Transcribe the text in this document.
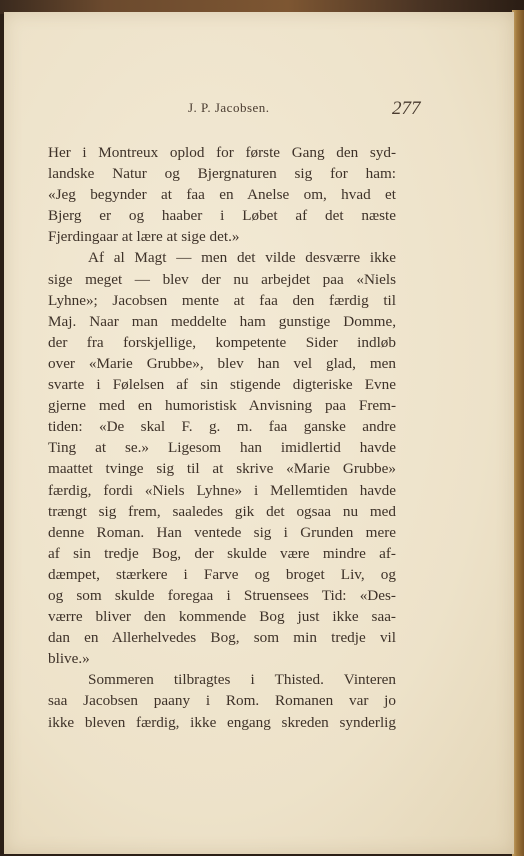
J. P. Jacobsen.	277
Her i Montreux oplod for første Gang den syd-
landske Natur og Bjergnaturen sig for ham:
«Jeg begynder at faa en Anelse om, hvad et
Bjerg er og haaber i Løbet af det næste
Fjerdingaar at lære at sige det.»
Af al Magt — men det vilde desværre ikke
sige meget — blev der nu arbejdet paa «Niels
Lyhne»; Jacobsen mente at faa den færdig til
Maj. Naar man meddelte ham gunstige Domme,
der fra forskjellige, kompetente Sider indløb
over «Marie Grubbe», blev han vel glad, men
svarte i Følelsen af sin stigende digteriske Evne
gjerne med en humoristisk Anvisning paa Frem-
tiden: «De skal F. g. m. faa ganske andre
Ting at se.» Ligesom han imidlertid havde
maattet tvinge sig til at skrive «Marie Grubbe»
færdig, fordi «Niels Lyhne» i Mellemtiden havde
trængt sig frem, saaledes gik det ogsaa nu med
denne Roman. Han ventede sig i Grunden mere
af sin tredje Bog, der skulde være mindre af-
dæmpet, stærkere i Farve og broget Liv, og
og som skulde foregaa i Struensees Tid: «Des-
værre bliver den kommende Bog just ikke saa-
dan en Allerhelvedes Bog, som min tredje vil
blive.»
Sommeren tilbragtes i Thisted. Vinteren
saa Jacobsen paany i Rom. Romanen var jo
ikke bleven færdig, ikke engang skreden synderlig
